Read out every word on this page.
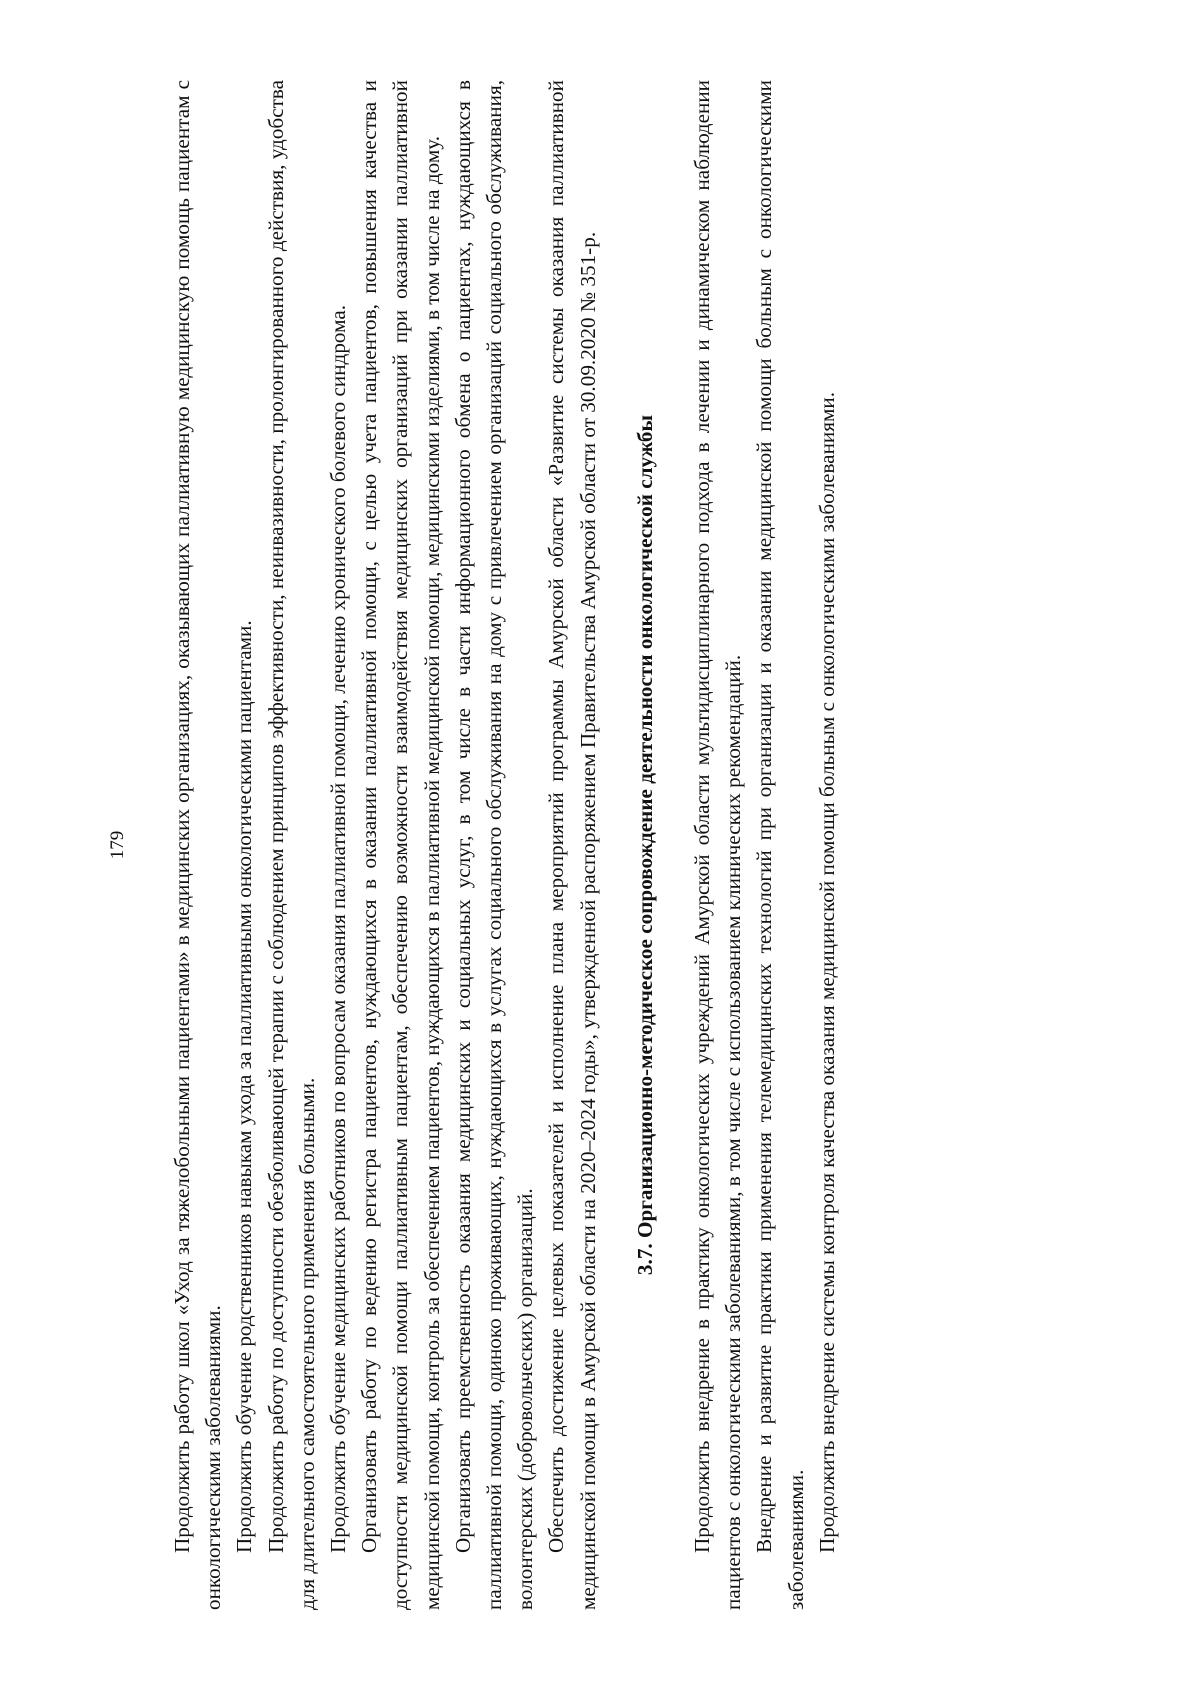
179 Продолжить работу школ «Уход за тяжелобольными пациентами» в медицинских организациях, оказывающих паллиативную медицинскую помощь пациентам с онкологическими заболеваниями. Продолжить обучение родственников навыкам ухода за паллиативными онкологическими пациентами. Продолжить работу по доступности обезболивающей терапии с соблюдением принципов эффективности, неинвазивности, пролонгированного действия, удобства для длительного самостоятельного применения больными. Продолжить обучение медицинских работников по вопросам оказания паллиативной помощи, лечению хронического болевого синдрома. Организовать работу по ведению регистра пациентов, нуждающихся в оказании паллиативной помощи, с целью учета пациентов, повышения качества и доступности медицинской помощи паллиативным пациентам, обеспечению возможности взаимодействия медицинских организаций при оказании паллиативной медицинской помощи, контроль за обеспечением пациентов, нуждающихся в паллиативной медицинской помощи, медицинскими изделиями, в том числе на дому. Организовать преемственность оказания медицинских и социальных услуг, в том числе в части информационного обмена о пациентах, нуждающихся в паллиативной помощи, одиноко проживающих, нуждающихся в услугах социального обслуживания на дому с привлечением организаций социального обслуживания, волонтерских (добровольческих) организаций. Обеспечить достижение целевых показателей и исполнение плана мероприятий программы Амурской области «Развитие системы оказания паллиативной медицинской помощи в Амурской области на 2020–2024 годы», утвержденной распоряжением Правительства Амурской области от 30.09.2020 № 351-р. 3.7. Организационно-методическое сопровождение деятельности онкологической службы Продолжить внедрение в практику онкологических учреждений Амурской области мультидисциплинарного подхода в лечении и динамическом наблюдении пациентов с онкологическими заболеваниями, в том числе с использованием клинических рекомендаций. Внедрение и развитие практики применения телемедицинских технологий при организации и оказании медицинской помощи больным с онкологическими заболеваниями. Продолжить внедрение системы контроля качества оказания медицинской помощи больным с онкологическими заболеваниями.
